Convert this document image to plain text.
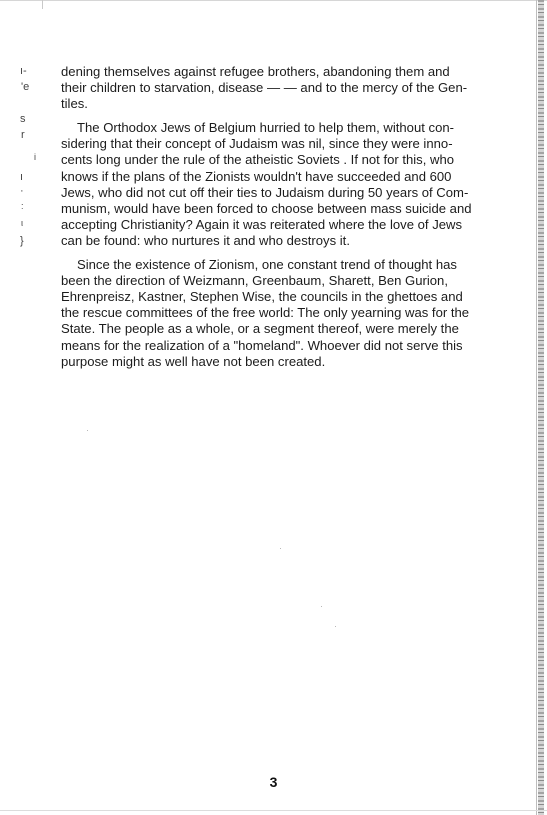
ı-
'e
s
r
i
ı
·
:
ι
}

dening themselves against refugee brothers, abandoning them and
their children to starvation, disease — — and to the mercy of the Gen-
tiles.

The Orthodox Jews of Belgium hurried to help them, without con-
sidering that their concept of Judaism was nil, since they were inno-
cents long under the rule of the atheistic Soviets . If not for this, who
knows if the plans of the Zionists wouldn't have succeeded and 600
Jews, who did not cut off their ties to Judaism during 50 years of Com-
munism, would have been forced to choose between mass suicide and
accepting Christianity? Again it was reiterated where the love of Jews
can be found: who nurtures it and who destroys it.

Since the existence of Zionism, one constant trend of thought has
been the direction of Weizmann, Greenbaum, Sharett, Ben Gurion,
Ehrenpreisz, Kastner, Stephen Wise, the councils in the ghettoes and
the rescue committees of the free world: The only yearning was for the
State. The people as a whole, or a segment thereof, were merely the
means for the realization of a "homeland". Whoever did not serve this
purpose might as well have not been created.

3
